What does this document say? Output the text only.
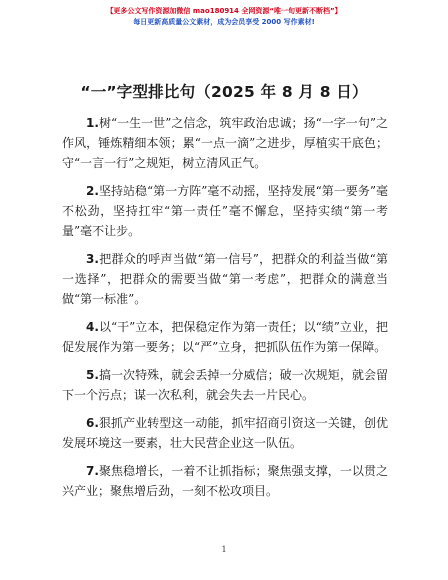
【更多公文写作资源加微信 mao180914 全网资源“唯一旬更新不断档”】
每日更新高质量公文素材，成为会员享受 2000 写作素材!
“一”字型排比句（2025 年 8 月 8 日）

1.树“一生一世”之信念，筑牢政治忠诚；扬“一字一句”之作风，锤炼精细本领；累“一点一滴”之进步，厚植实干底色；守“一言一行”之规矩，树立清风正气。

2.坚持站稳“第一方阵”毫不动摇，坚持发展“第一要务”毫不松劲，坚持扛牢“第一责任”毫不懈怠，坚持实绩“第一考量”毫不让步。

3.把群众的呼声当做“第一信号”，把群众的利益当做“第一选择”，把群众的需要当做“第一考虑”，把群众的满意当做“第一标准”。

4.以“干”立本，把保稳定作为第一责任；以“绩”立业，把促发展作为第一要务；以“严”立身，把抓队伍作为第一保障。

5.搞一次特殊，就会丢掉一分威信；破一次规矩，就会留下一个污点；谋一次私利，就会失去一片民心。

6.狠抓产业转型这一动能，抓牢招商引资这一关键，创优发展环境这一要素，壮大民营企业这一队伍。

7.聚焦稳增长，一着不让抓指标；聚焦强支撑，一以贯之兴产业；聚焦增后劲，一刻不松攻项目。

1
